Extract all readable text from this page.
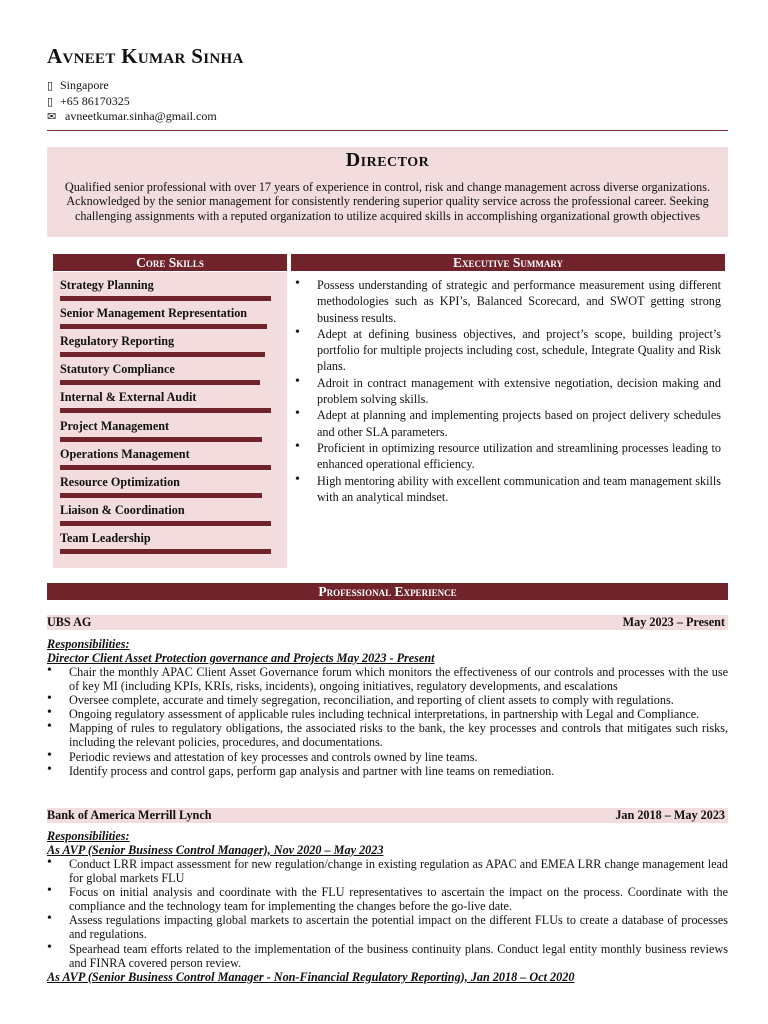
Avneet Kumar Sinha
▯ Singapore
▯ +65 86170325
✉ avneetkumar.sinha@gmail.com
Director
Qualified senior professional with over 17 years of experience in control, risk and change management across diverse organizations. Acknowledged by the senior management for consistently rendering superior quality service across the professional career. Seeking challenging assignments with a reputed organization to utilize acquired skills in accomplishing organizational growth objectives
Core Skills	Executive Summary
Strategy Planning
Senior Management Representation
Regulatory Reporting
Statutory Compliance
Internal & External Audit
Project Management
Operations Management
Resource Optimization
Liaison & Coordination
Team Leadership
• Possess understanding of strategic and performance measurement using different methodologies such as KPI’s, Balanced Scorecard, and SWOT getting strong business results.
• Adept at defining business objectives, and project’s scope, building project’s portfolio for multiple projects including cost, schedule, Integrate Quality and Risk plans.
• Adroit in contract management with extensive negotiation, decision making and problem solving skills.
• Adept at planning and implementing projects based on project delivery schedules and other SLA parameters.
• Proficient in optimizing resource utilization and streamlining processes leading to enhanced operational efficiency.
• High mentoring ability with excellent communication and team management skills with an analytical mindset.
Professional Experience
UBS AG	May 2023 – Present
Responsibilities:
Director Client Asset Protection governance and Projects May 2023 - Present
• Chair the monthly APAC Client Asset Governance forum which monitors the effectiveness of our controls and processes with the use of key MI (including KPIs, KRIs, risks, incidents), ongoing initiatives, regulatory developments, and escalations
• Oversee complete, accurate and timely segregation, reconciliation, and reporting of client assets to comply with regulations.
• Ongoing regulatory assessment of applicable rules including technical interpretations, in partnership with Legal and Compliance.
• Mapping of rules to regulatory obligations, the associated risks to the bank, the key processes and controls that mitigates such risks, including the relevant policies, procedures, and documentations.
• Periodic reviews and attestation of key processes and controls owned by line teams.
• Identify process and control gaps, perform gap analysis and partner with line teams on remediation.
Bank of America Merrill Lynch	Jan 2018 – May 2023
Responsibilities:
As AVP (Senior Business Control Manager), Nov 2020 – May 2023
• Conduct LRR impact assessment for new regulation/change in existing regulation as APAC and EMEA LRR change management lead for global markets FLU
• Focus on initial analysis and coordinate with the FLU representatives to ascertain the impact on the process. Coordinate with the compliance and the technology team for implementing the changes before the go-live date.
• Assess regulations impacting global markets to ascertain the potential impact on the different FLUs to create a database of processes and regulations.
• Spearhead team efforts related to the implementation of the business continuity plans. Conduct legal entity monthly business reviews and FINRA covered person review.
As AVP (Senior Business Control Manager - Non-Financial Regulatory Reporting), Jan 2018 – Oct 2020
